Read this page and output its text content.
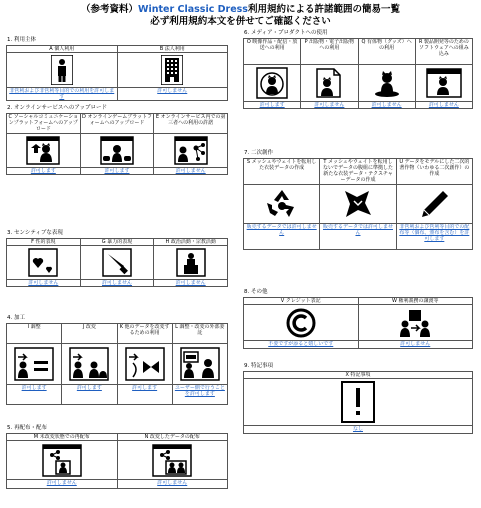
（参考資料）Winter Classic Dress利用規約による許諾範囲の簡易一覧
必ず利用規約本文を併せてご確認ください
1. 利用主体
A 個人利用
非営利および非営利等目的での利用を許可します
B 法人利用
許可しません
2. オンラインサービスへのアップロード
C ソーシャルコミュニケーションプラットフォームへのアップロード
許可します
D オンラインゲームプラットフォームへのアップロード
許可します
E オンラインサービス内での第三者への利用の許諾
許可しません
3. センシティブな表現
F 性的表現
許可しません
G 暴力的表現
許可しません
H 政治活動・宗教活動
許可しません
4. 加工
I 調整
許可します
J 改変
許可します
K 他のデータを改変するための利用
許可します
L 調整・改変の外部委託
ユーザー側で行うことを許可します
5. 再配布・配布
M 未改変状態での再配布
許可しません
N 改変したデータの配布
許可しません
6. メディア・プロダクトへの使用
O 映像作品・配信・放送への利用
許可します
P 出版物・電子出版物への利用
許可しません
Q 有体物（グッズ）への利用
許可しません
R 製品開発等のためのソフトウェアへの組み込み
許可しません
7. 二次創作
S メッシュやウェイトを転用した衣装データの作成
販売するデータでは許可しません
T メッシュやウェイトを転用しないでデータの腹組に準拠した新たな衣装データ・テクスチャーデータの作成
販売するデータでは許可しません
U データをモデルにした二次的著作物（いわゆる二次創作）の作成
非営利および営利等目的での配布等（個布、頒布を含む）を許可します
8. その他
V クレジット表記
不要ですが添ると嬉しいです
W 権利義務の譲渡等
許可しません
9. 特記事項
X 特記事項
なし
